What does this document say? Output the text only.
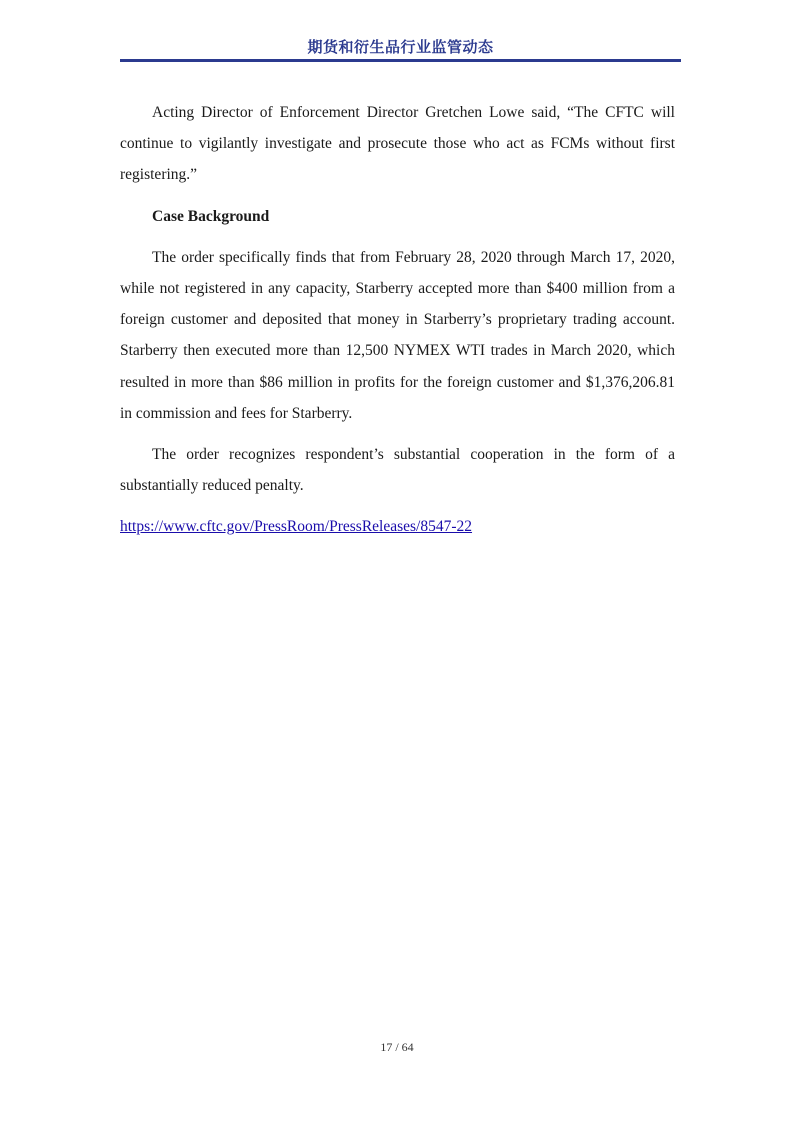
期货和衍生品行业监管动态

Acting Director of Enforcement Director Gretchen Lowe said, “The CFTC will continue to vigilantly investigate and prosecute those who act as FCMs without first registering.”

Case Background

The order specifically finds that from February 28, 2020 through March 17, 2020, while not registered in any capacity, Starberry accepted more than $400 million from a foreign customer and deposited that money in Starberry’s proprietary trading account. Starberry then executed more than 12,500 NYMEX WTI trades in March 2020, which resulted in more than $86 million in profits for the foreign customer and $1,376,206.81 in commission and fees for Starberry.

The order recognizes respondent’s substantial cooperation in the form of a substantially reduced penalty.

https://www.cftc.gov/PressRoom/PressReleases/8547-22
17 / 64
